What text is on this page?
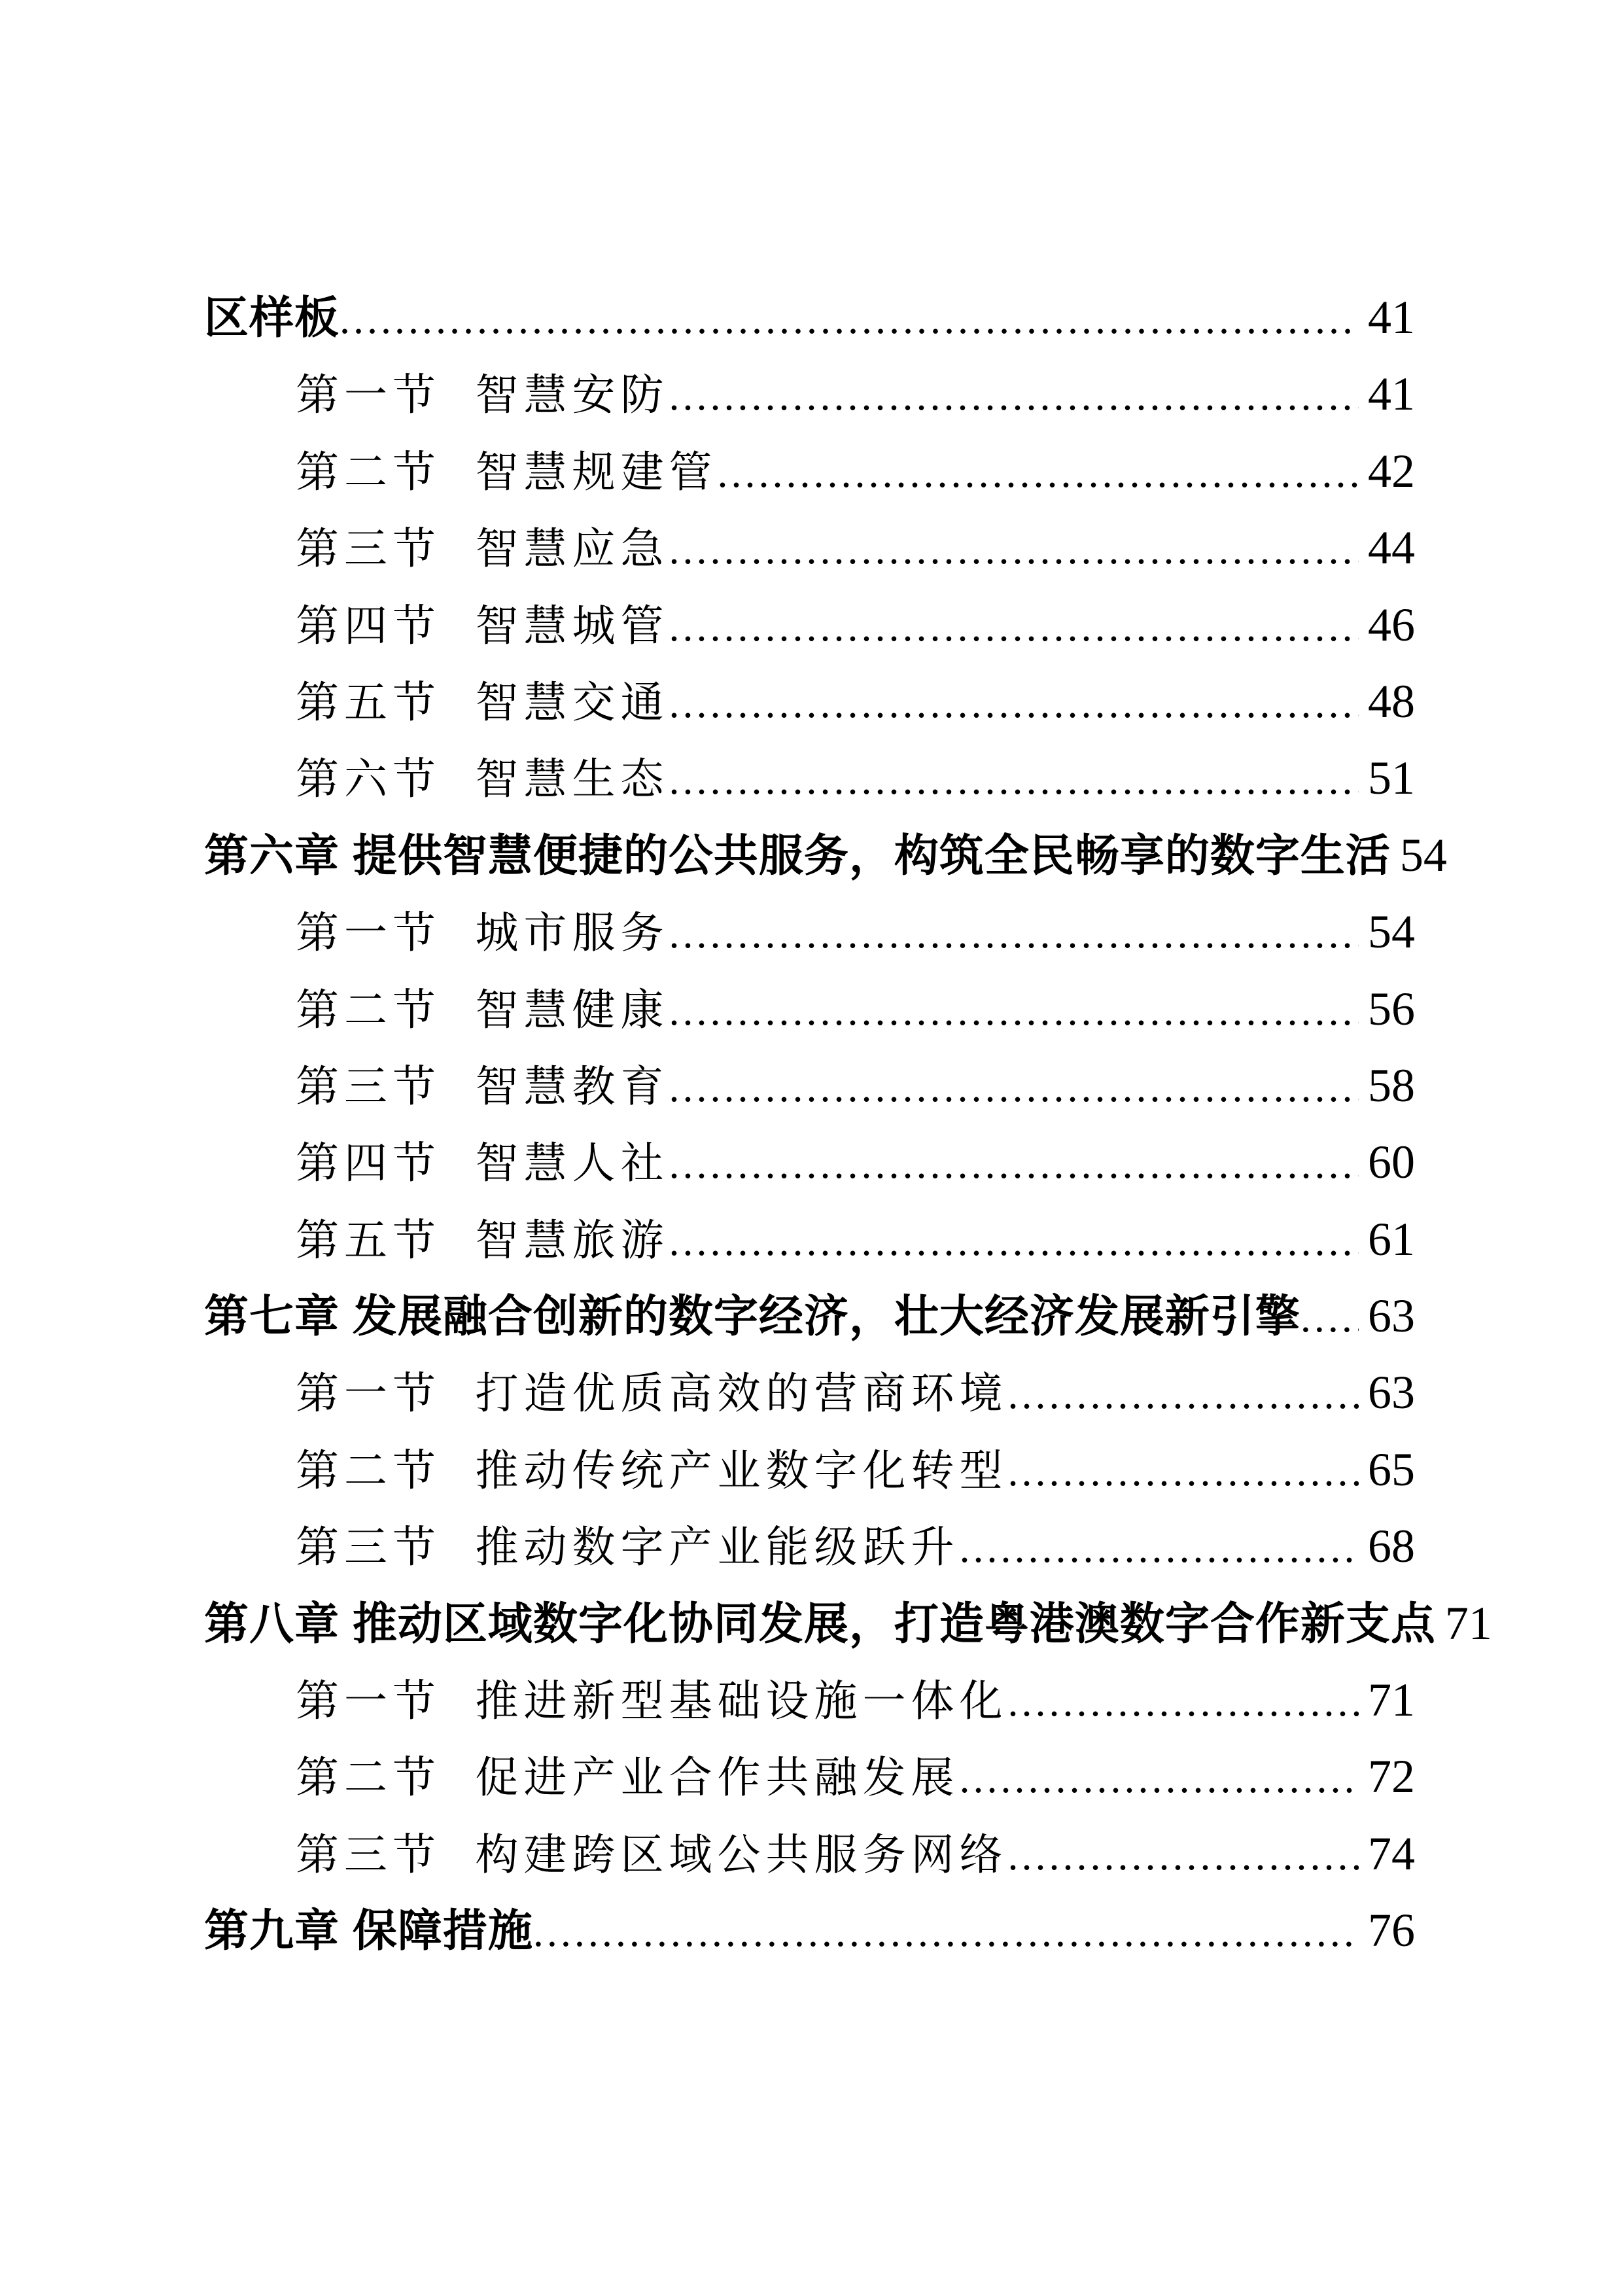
区样板 .....	41
第一节 智慧安防 .....	41
第二节 智慧规建管 .....	42
第三节 智慧应急 .....	44
第四节 智慧城管 .....	46
第五节 智慧交通 .....	48
第六节 智慧生态 .....	51
第六章 提供智慧便捷的公共服务，构筑全民畅享的数字生活 54
第一节 城市服务 .....	54
第二节 智慧健康 .....	56
第三节 智慧教育 .....	58
第四节 智慧人社 .....	60
第五节 智慧旅游 .....	61
第七章 发展融合创新的数字经济，壮大经济发展新引擎 ..... 63
第一节 打造优质高效的营商环境 .....	63
第二节 推动传统产业数字化转型 .....	65
第三节 推动数字产业能级跃升 .....	68
第八章 推动区域数字化协同发展，打造粤港澳数字合作新支点 71
第一节 推进新型基础设施一体化 .....	71
第二节 促进产业合作共融发展 .....	72
第三节 构建跨区域公共服务网络 .....	74
第九章 保障措施 .....	76
